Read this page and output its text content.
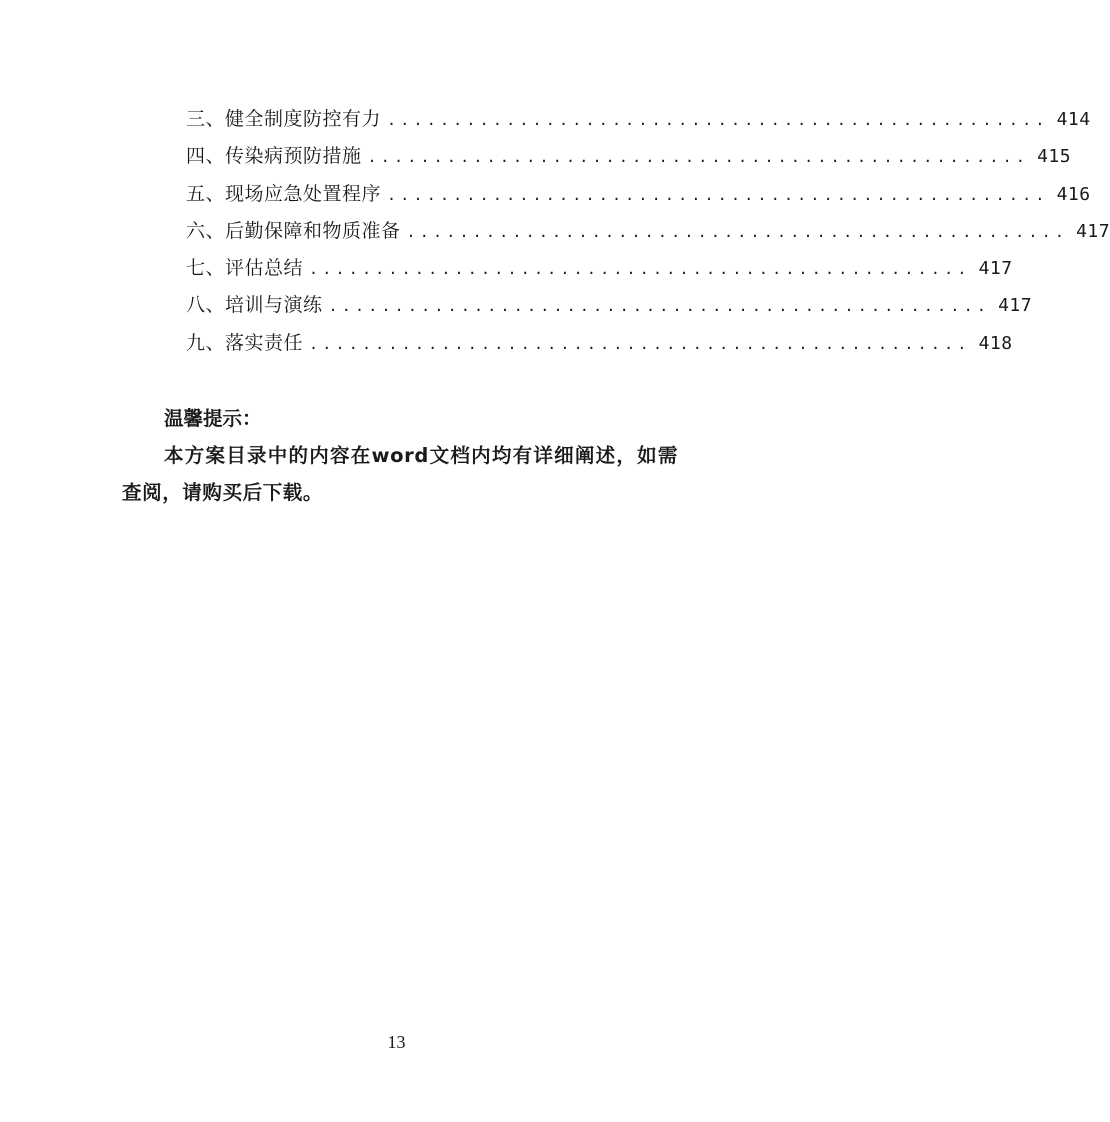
三、健全制度防控有力 .................................................. 414
四、传染病预防措施 .................................................. 415
五、现场应急处置程序 .................................................. 416
六、后勤保障和物质准备 .................................................. 417
七、评估总结 .................................................. 417
八、培训与演练 .................................................. 417
九、落实责任 .................................................. 418
温馨提示：
本方案目录中的内容在word文档内均有详细阐述，如需查阅，请购买后下载。
13
